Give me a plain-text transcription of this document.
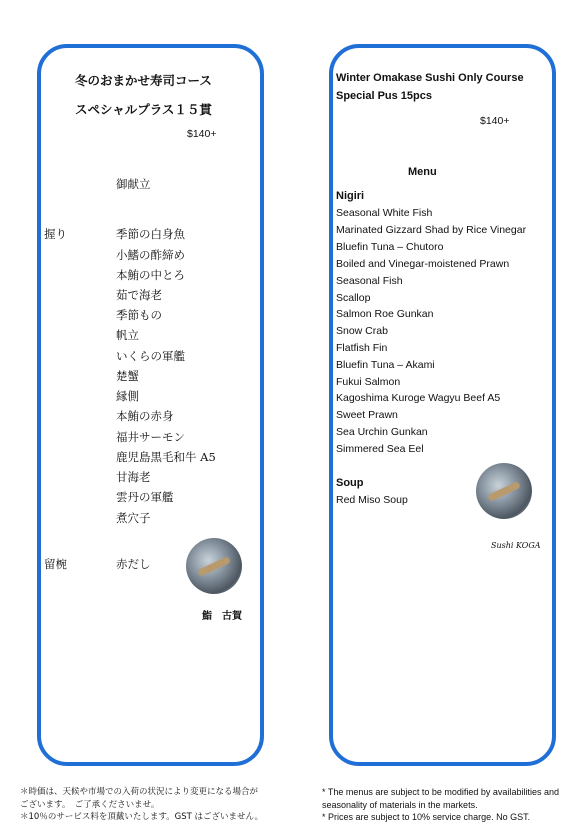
冬のおまかせ寿司コース
スペシャルプラス１５貫
$140+
御献立
握り	季節の白身魚
小鰭の酢締め
本鮪の中とろ
茹で海老
季節もの
帆立
いくらの軍艦
楚蟹
縁側
本鮪の赤身
福井サーモン
鹿児島黒毛和牛 A5
甘海老
雲丹の軍艦
煮穴子
留椀	赤だし
鮨　古賀
Winter Omakase Sushi Only Course
Special Pus 15pcs
$140+
Menu
Nigiri
Seasonal White Fish
Marinated Gizzard Shad by Rice Vinegar
Bluefin Tuna – Chutoro
Boiled and Vinegar-moistened Prawn
Seasonal Fish
Scallop
Salmon Roe Gunkan
Snow Crab
Flatfish Fin
Bluefin Tuna – Akami
Fukui Salmon
Kagoshima Kuroge Wagyu Beef A5
Sweet Prawn
Sea Urchin Gunkan
Simmered Sea Eel
Soup
Red Miso Soup
Sushi KOGA
＊時価は、天候や市場での入荷の状況により変更になる場合が
ございます。　ご了承くださいませ。
＊10％のサービス料を頂戴いたします。GST はございません。
* The menus are subject to be modified by availabilities and
seasonality of materials in the markets.
* Prices are subject to 10% service charge. No GST.
